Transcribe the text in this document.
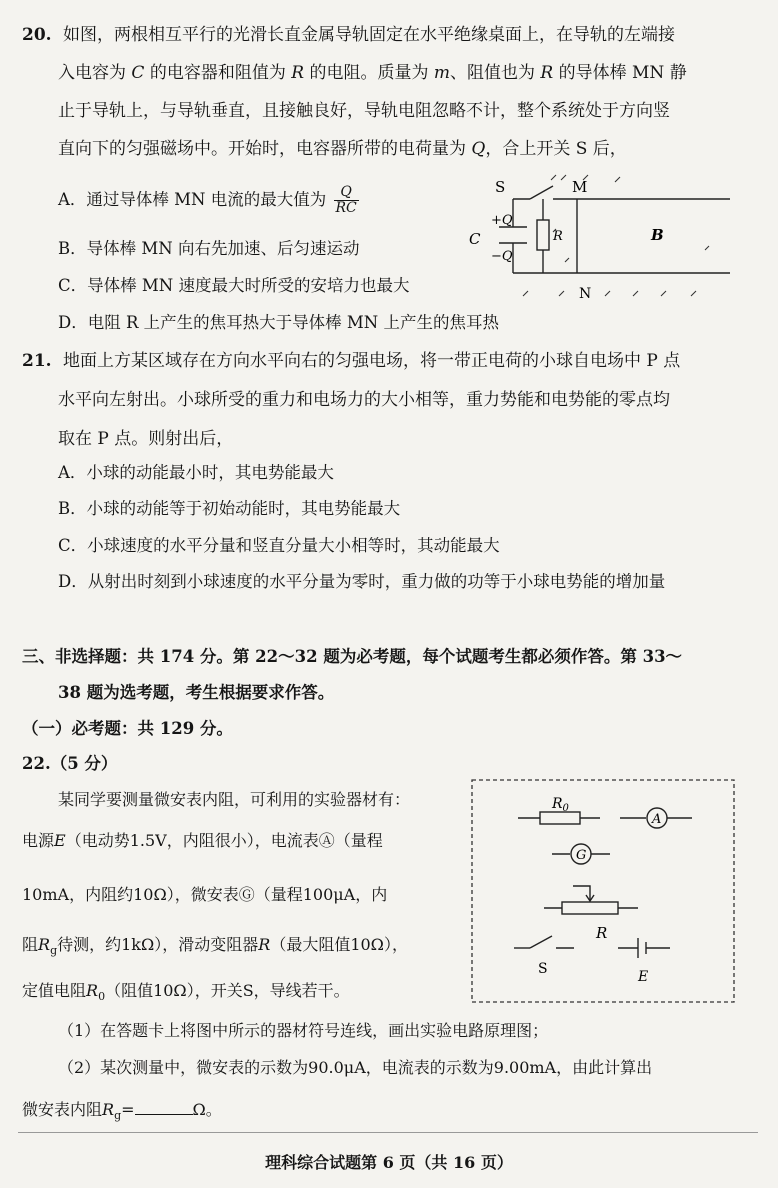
20. 如图，两根相互平行的光滑长直金属导轨固定在水平绝缘桌面上，在导轨的左端接
入电容为 C 的电容器和阻值为 R 的电阻。质量为 m、阻值也为 R 的导体棒 MN 静
止于导轨上，与导轨垂直，且接触良好，导轨电阻忽略不计，整个系统处于方向竖
直向下的匀强磁场中。开始时，电容器所带的电荷量为 Q，合上开关 S 后，
A．通过导体棒 MN 电流的最大值为 $\frac{Q}{RC}$
B．导体棒 MN 向右先加速、后匀速运动
C．导体棒 MN 速度最大时所受的安培力也最大
D．电阻 R 上产生的焦耳热大于导体棒 MN 上产生的焦耳热
S	M
N
C
+Q
−Q
R	B
21. 地面上方某区域存在方向水平向右的匀强电场，将一带正电荷的小球自电场中 P 点
水平向左射出。小球所受的重力和电场力的大小相等，重力势能和电势能的零点均
取在 P 点。则射出后，
A．小球的动能最小时，其电势能最大
B．小球的动能等于初始动能时，其电势能最大
C．小球速度的水平分量和竖直分量大小相等时，其动能最大
D．从射出时刻到小球速度的水平分量为零时，重力做的功等于小球电势能的增加量
三、非选择题：共 174 分。第 22～32 题为必考题，每个试题考生都必须作答。第 33～
38 题为选考题，考生根据要求作答。
（一）必考题：共 129 分。
22.（5 分）
某同学要测量微安表内阻，可利用的实验器材有：
电源E（电动势1.5V，内阻很小），电流表Ⓐ（量程
10mA，内阻约10Ω），微安表Ⓖ（量程100μA，内
阻$R_g$待测，约1kΩ），滑动变阻器R（最大阻值10Ω），
定值电阻$R_0$（阻值10Ω），开关S，导线若干。
（1）在答题卡上将图中所示的器材符号连线，画出实验电路原理图；
（2）某次测量中，微安表的示数为90.0μA，电流表的示数为9.00mA，由此计算出
微安表内阻$R_g=$	Ω。
$R_0$
A
G
R
S	E
理科综合试题第 6 页（共 16 页）
